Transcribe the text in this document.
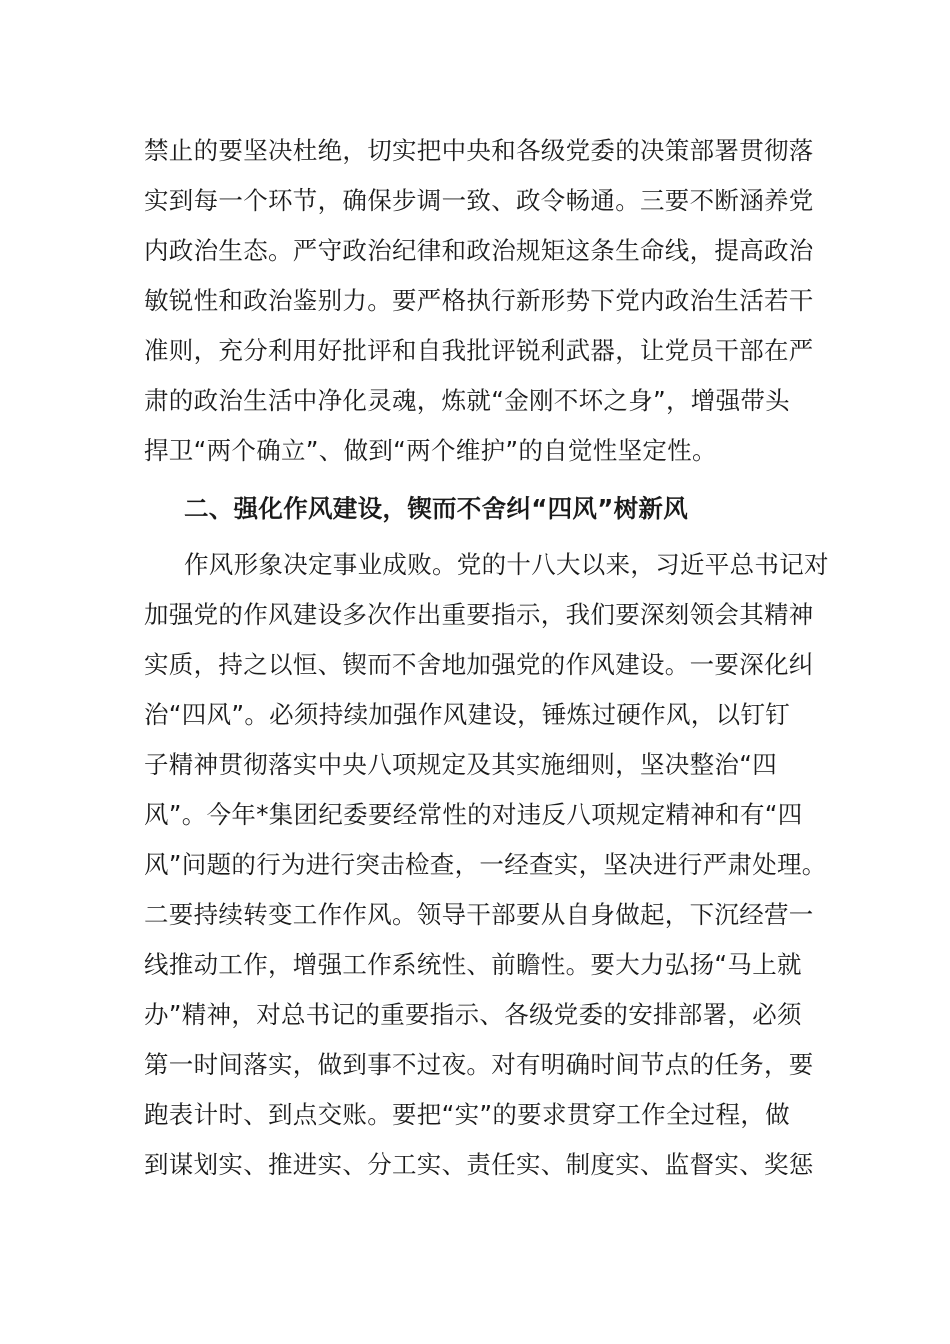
禁止的要坚决杜绝，切实把中央和各级党委的决策部署贯彻落
实到每一个环节，确保步调一致、政令畅通。三要不断涵养党
内政治生态。严守政治纪律和政治规矩这条生命线，提高政治
敏锐性和政治鉴别力。要严格执行新形势下党内政治生活若干
准则，充分利用好批评和自我批评锐利武器，让党员干部在严
肃的政治生活中净化灵魂，炼就“金刚不坏之身”，增强带头
捍卫“两个确立”、做到“两个维护”的自觉性坚定性。
二、强化作风建设，锲而不舍纠“四风”树新风
作风形象决定事业成败。党的十八大以来，习近平总书记对
加强党的作风建设多次作出重要指示，我们要深刻领会其精神
实质，持之以恒、锲而不舍地加强党的作风建设。一要深化纠
治“四风”。必须持续加强作风建设，锤炼过硬作风，以钉钉
子精神贯彻落实中央八项规定及其实施细则，坚决整治“四
风”。今年*集团纪委要经常性的对违反八项规定精神和有“四
风”问题的行为进行突击检查，一经查实，坚决进行严肃处理。
二要持续转变工作作风。领导干部要从自身做起，下沉经营一
线推动工作，增强工作系统性、前瞻性。要大力弘扬“马上就
办”精神，对总书记的重要指示、各级党委的安排部署，必须
第一时间落实，做到事不过夜。对有明确时间节点的任务，要
跑表计时、到点交账。要把“实”的要求贯穿工作全过程，做
到谋划实、推进实、分工实、责任实、制度实、监督实、奖惩
